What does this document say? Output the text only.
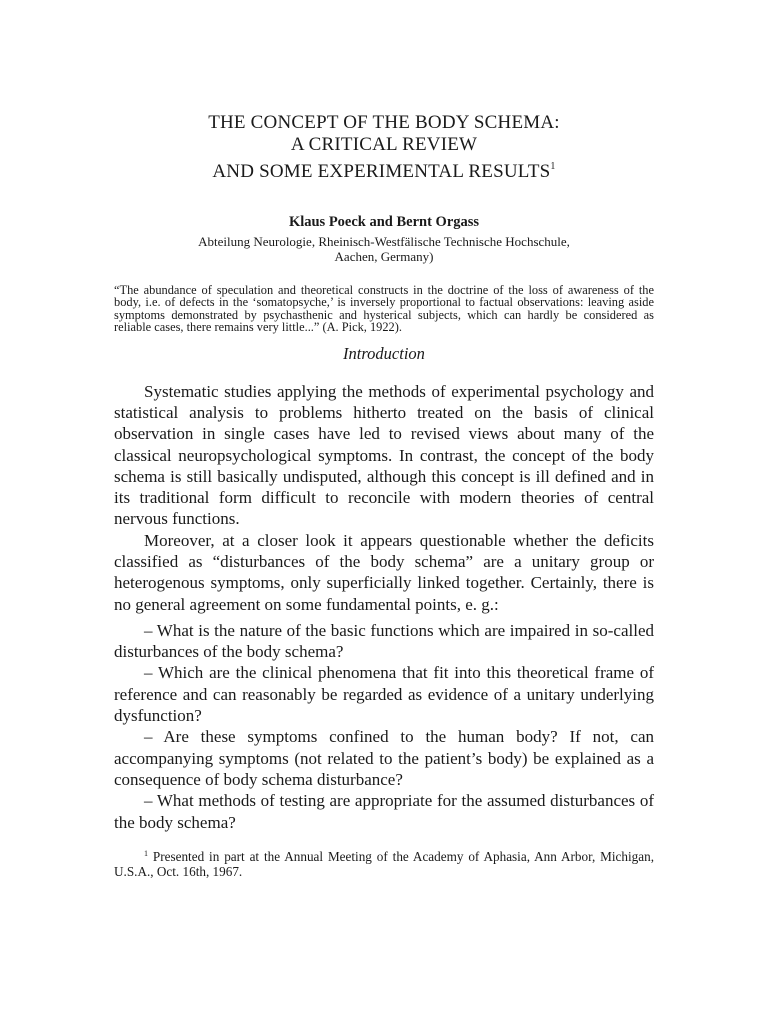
THE CONCEPT OF THE BODY SCHEMA:
A CRITICAL REVIEW
AND SOME EXPERIMENTAL RESULTS$^1$

Klaus Poeck and Bernt Orgass

Abteilung Neurologie, Rheinisch-Westfälische Technische Hochschule,
Aachen, Germany)

“The abundance of speculation and theoretical constructs in the doctrine of the loss of awareness of the body, i.e. of defects in the ‘somatopsyche,’ is inversely proportional to factual observations: leaving aside symptoms demonstrated by psychasthenic and hysterical subjects, which can hardly be considered as reliable cases, there remains very little...” (A. Pick, 1922).

Introduction

Systematic studies applying the methods of experimental psychology and statistical analysis to problems hitherto treated on the basis of clinical observation in single cases have led to revised views about many of the classical neuropsychological symptoms. In contrast, the concept of the body schema is still basically undisputed, although this concept is ill defined and in its traditional form difficult to reconcile with modern theories of central nervous functions.

Moreover, at a closer look it appears questionable whether the deficits classified as “disturbances of the body schema” are a unitary group or heterogenous symptoms, only superficially linked together. Certainly, there is no general agreement on some fundamental points, e. g.:

– What is the nature of the basic functions which are impaired in so-called disturbances of the body schema?

– Which are the clinical phenomena that fit into this theoretical frame of reference and can reasonably be regarded as evidence of a unitary underlying dysfunction?

– Are these symptoms confined to the human body? If not, can accompanying symptoms (not related to the patient’s body) be explained as a consequence of body schema disturbance?

– What methods of testing are appropriate for the assumed disturbances of the body schema?

$^1$ Presented in part at the Annual Meeting of the Academy of Aphasia, Ann Arbor, Michigan, U.S.A., Oct. 16th, 1967.
